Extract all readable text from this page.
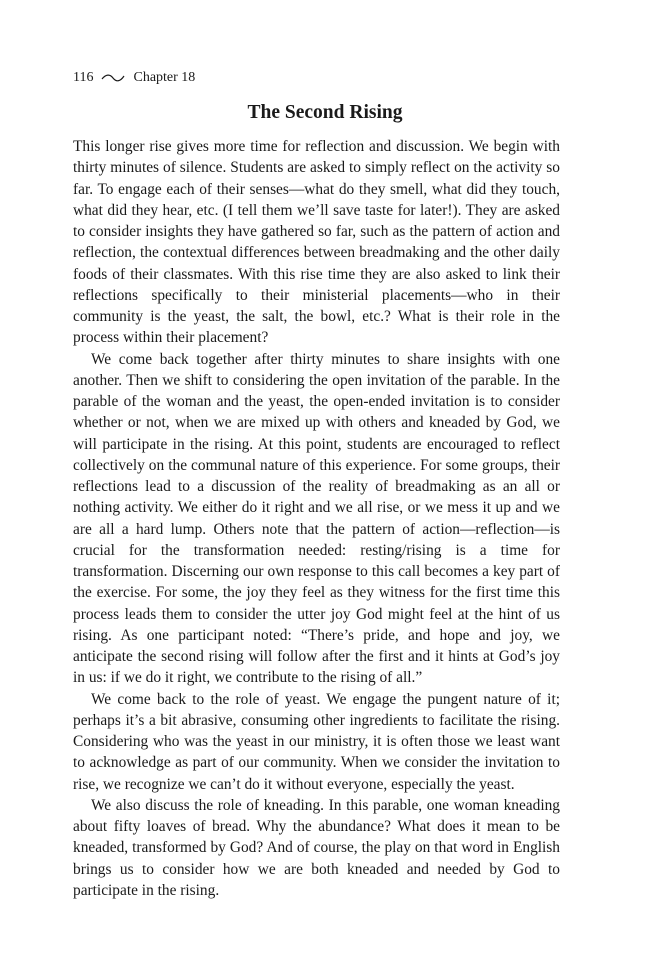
116	Chapter 18
The Second Rising

This longer rise gives more time for reflection and discussion. We begin with thirty minutes of silence. Students are asked to simply reflect on the activity so far. To engage each of their senses—what do they smell, what did they touch, what did they hear, etc. (I tell them we’ll save taste for later!). They are asked to consider insights they have gathered so far, such as the pattern of action and reflection, the contextual differences between breadmaking and the other daily foods of their classmates. With this rise time they are also asked to link their reflections specifically to their ministerial placements—who in their community is the yeast, the salt, the bowl, etc.? What is their role in the process within their placement?

We come back together after thirty minutes to share insights with one another. Then we shift to considering the open invitation of the parable. In the parable of the woman and the yeast, the open-ended invitation is to consider whether or not, when we are mixed up with others and kneaded by God, we will participate in the rising. At this point, students are encouraged to reflect collectively on the communal nature of this experience. For some groups, their reflections lead to a discussion of the reality of breadmaking as an all or nothing activity. We either do it right and we all rise, or we mess it up and we are all a hard lump. Others note that the pattern of action—reflection—is crucial for the transformation needed: resting/rising is a time for transformation. Discerning our own response to this call becomes a key part of the exercise. For some, the joy they feel as they witness for the first time this process leads them to consider the utter joy God might feel at the hint of us rising. As one participant noted: “There’s pride, and hope and joy, we anticipate the second rising will follow after the first and it hints at God’s joy in us: if we do it right, we contribute to the rising of all.”

We come back to the role of yeast. We engage the pungent nature of it; perhaps it’s a bit abrasive, consuming other ingredients to facilitate the rising. Considering who was the yeast in our ministry, it is often those we least want to acknowledge as part of our community. When we consider the invitation to rise, we recognize we can’t do it without everyone, especially the yeast.

We also discuss the role of kneading. In this parable, one woman kneading about fifty loaves of bread. Why the abundance? What does it mean to be kneaded, transformed by God? And of course, the play on that word in English brings us to consider how we are both kneaded and needed by God to participate in the rising.
